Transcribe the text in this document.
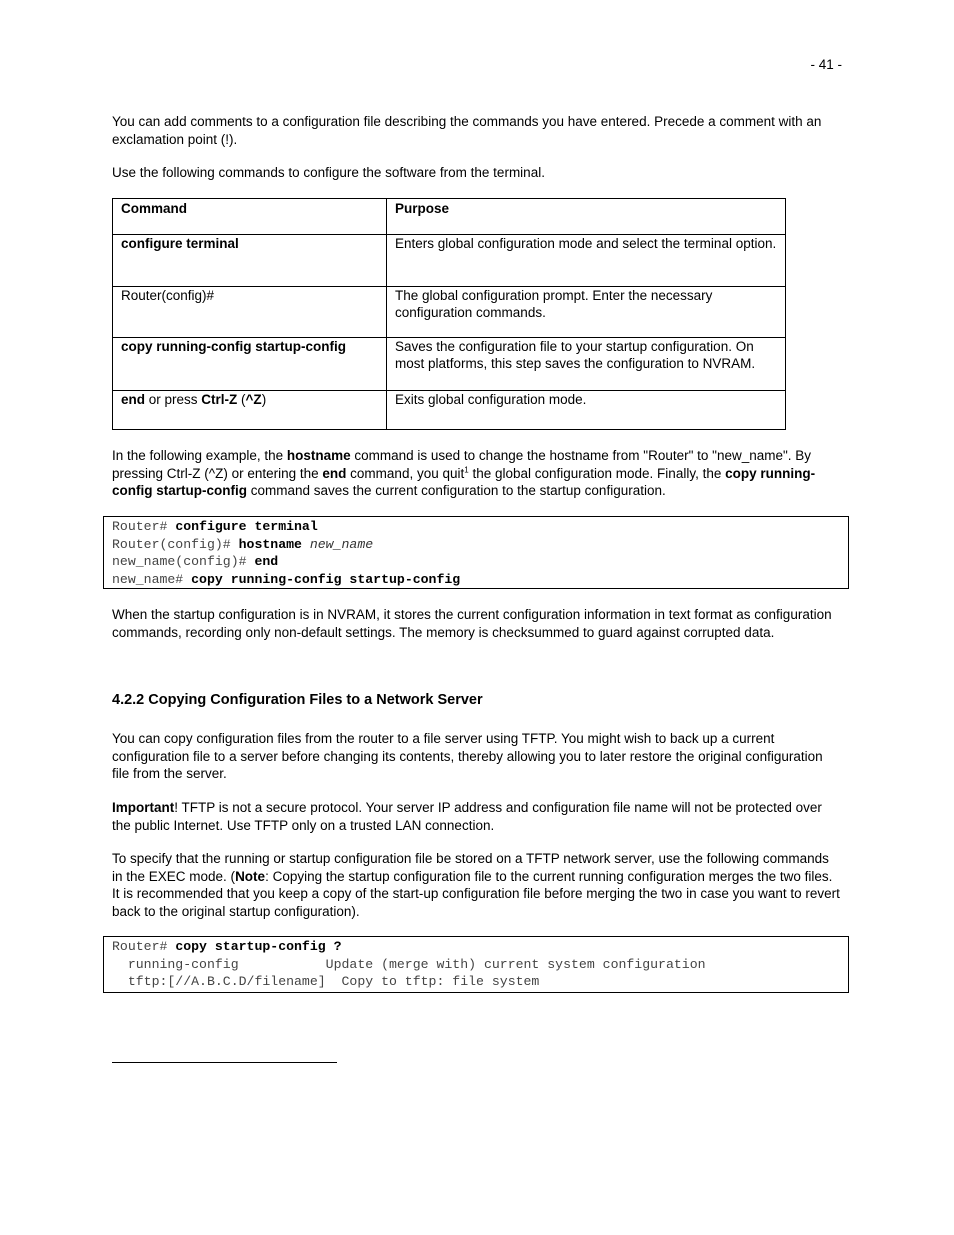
- 41 -

You can add comments to a configuration file describing the commands you have entered. Precede a comment with an exclamation point (!).

Use the following commands to configure the software from the terminal.

Command	Purpose
configure terminal	Enters global configuration mode and select the terminal option.
Router(config)#	The global configuration prompt. Enter the necessary configuration commands.
copy running-config startup-config	Saves the configuration file to your startup configuration. On most platforms, this step saves the configuration to NVRAM.
end or press Ctrl-Z (^Z)	Exits global configuration mode.

In the following example, the hostname command is used to change the hostname from "Router" to "new_name". By pressing Ctrl-Z (^Z) or entering the end command, you quit$^1$ the global configuration mode. Finally, the copy running-config startup-config command saves the current configuration to the startup configuration.

Router# configure terminal
Router(config)# hostname new_name
new_name(config)# end
new_name# copy running-config startup-config

When the startup configuration is in NVRAM, it stores the current configuration information in text format as configuration commands, recording only non-default settings. The memory is checksummed to guard against corrupted data.

4.2.2 Copying Configuration Files to a Network Server

You can copy configuration files from the router to a file server using TFTP. You might wish to back up a current configuration file to a server before changing its contents, thereby allowing you to later restore the original configuration file from the server.

Important! TFTP is not a secure protocol. Your server IP address and configuration file name will not be protected over the public Internet. Use TFTP only on a trusted LAN connection.

To specify that the running or startup configuration file be stored on a TFTP network server, use the following commands in the EXEC mode. (Note: Copying the startup configuration file to the current running configuration merges the two files. It is recommended that you keep a copy of the start-up configuration file before merging the two in case you want to revert back to the original startup configuration).

Router# copy startup-config ?
running-config           Update (merge with) current system configuration
tftp:[//A.B.C.D/filename]  Copy to tftp: file system
